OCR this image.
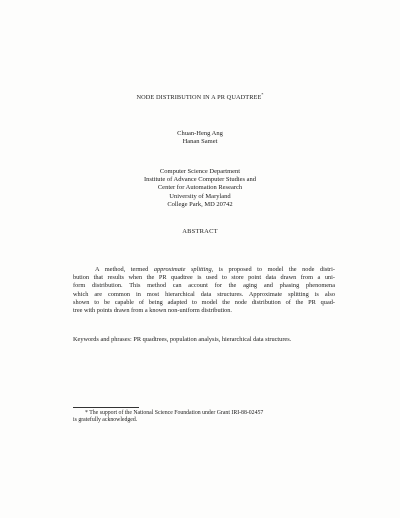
NODE DISTRIBUTION IN A PR QUADTREE*
Chuan-Heng Ang
Hanan Samet
Computer Science Department
Institute of Advance Computer Studies and
Center for Automation Research
University of Maryland
College Park, MD 20742
ABSTRACT
A method, termed approximate splitting, is proposed to model the node distri-
bution that results when the PR quadtree is used to store point data drawn from a uni-
form distribution. This method can account for the aging and phasing phenomena
which are common in most hierarchical data structures. Approximate splitting is also
shown to be capable of being adapted to model the node distribution of the PR quad-
tree with points drawn from a known non-uniform distribution.
Keywords and phrases: PR quadtrees, population analysis, hierarchical data structures.
* The support of the National Science Foundation under Grant IRI-88-02457
is gratefully acknowledged.
